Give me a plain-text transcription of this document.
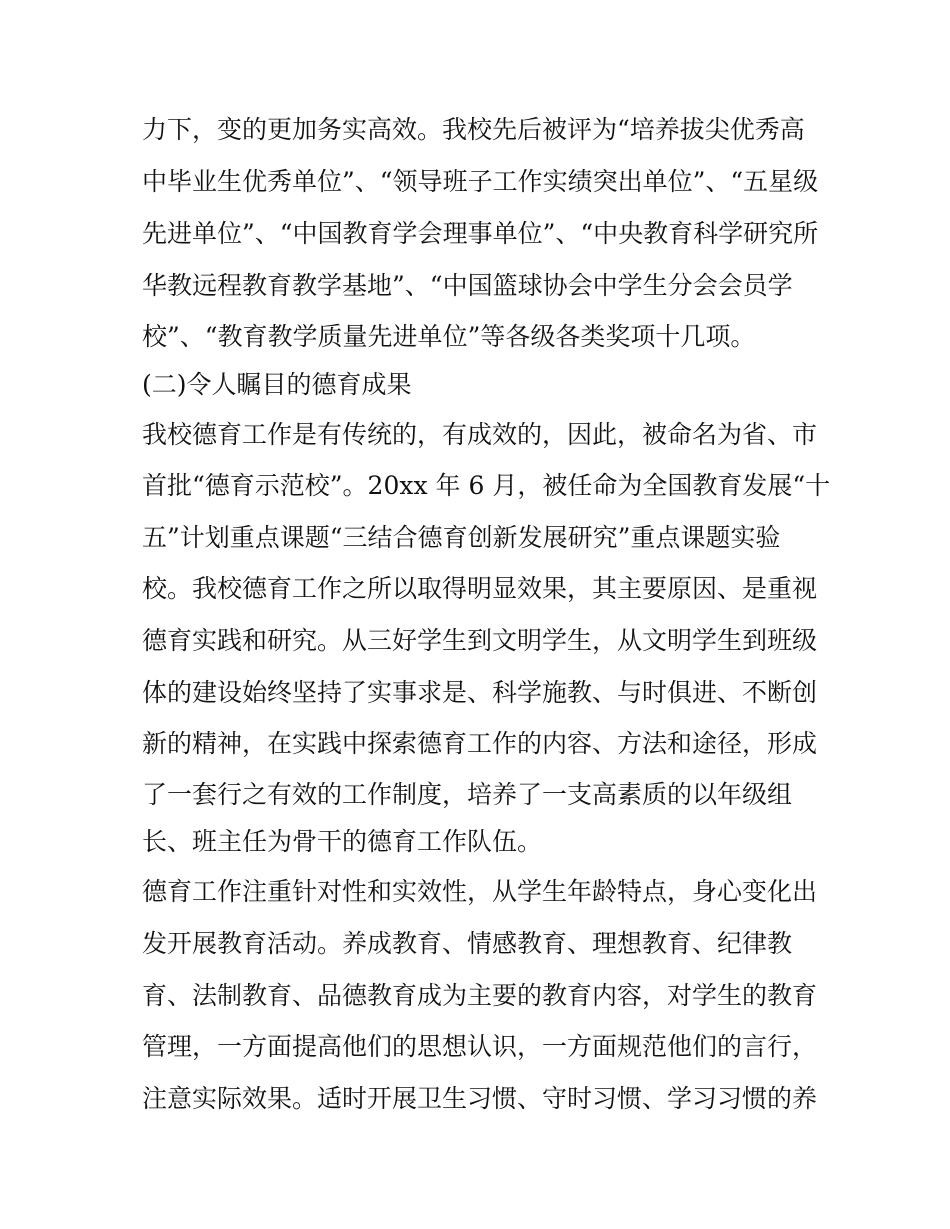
力下，变的更加务实高效。我校先后被评为“培养拔尖优秀高
中毕业生优秀单位”、“领导班子工作实绩突出单位”、“五星级
先进单位”、“中国教育学会理事单位”、“中央教育科学研究所
华教远程教育教学基地”、“中国篮球协会中学生分会会员学
校”、“教育教学质量先进单位”等各级各类奖项十几项。
(二)令人瞩目的德育成果
我校德育工作是有传统的，有成效的，因此，被命名为省、市
首批“德育示范校”。20xx 年 6 月，被任命为全国教育发展“十
五”计划重点课题“三结合德育创新发展研究”重点课题实验
校。我校德育工作之所以取得明显效果，其主要原因、是重视
德育实践和研究。从三好学生到文明学生，从文明学生到班级
体的建设始终坚持了实事求是、科学施教、与时俱进、不断创
新的精神，在实践中探索德育工作的内容、方法和途径，形成
了一套行之有效的工作制度，培养了一支高素质的以年级组
长、班主任为骨干的德育工作队伍。
德育工作注重针对性和实效性，从学生年龄特点，身心变化出
发开展教育活动。养成教育、情感教育、理想教育、纪律教
育、法制教育、品德教育成为主要的教育内容，对学生的教育
管理，一方面提高他们的思想认识，一方面规范他们的言行，
注意实际效果。适时开展卫生习惯、守时习惯、学习习惯的养
